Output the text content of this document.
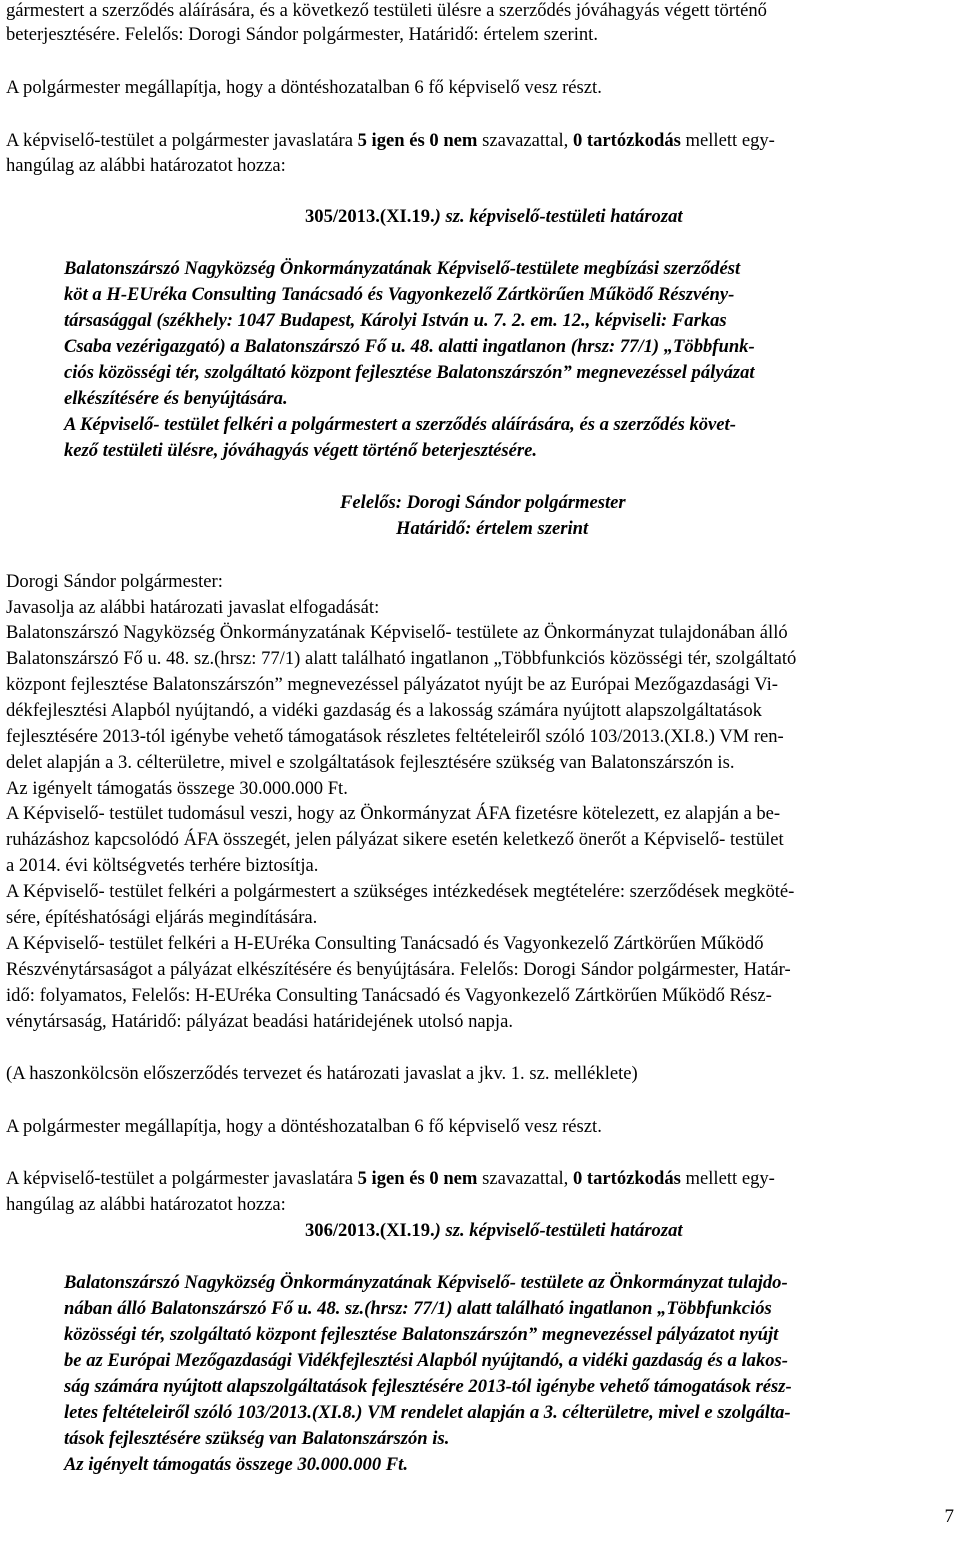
gármestert a szerződés aláírására, és a következő testületi ülésre a szerződés jóváhagyás végett történő
beterjesztésére. Felelős: Dorogi Sándor polgármester, Határidő: értelem szerint.
A polgármester megállapítja, hogy a döntéshozatalban 6 fő képviselő vesz részt.
A képviselő-testület a polgármester javaslatára 5 igen és 0 nem szavazattal, 0 tartózkodás mellett egy-
hangúlag az alábbi határozatot hozza:
305/2013.(XI.19.) sz. képviselő-testületi határozat
Balatonszárszó Nagyközség Önkormányzatának Képviselő-testülete megbízási szerződést
köt a H-EUréka Consulting Tanácsadó és Vagyonkezelő Zártkörűen Működő Részvény-
társasággal (székhely: 1047 Budapest, Károlyi István u. 7. 2. em. 12., képviseli: Farkas
Csaba vezérigazgató) a Balatonszárszó Fő u. 48. alatti ingatlanon (hrsz: 77/1) „Többfunk-
ciós közösségi tér, szolgáltató központ fejlesztése Balatonszárszón” megnevezéssel pályázat
elkészítésére és benyújtására.
A Képviselő- testület felkéri a polgármestert a szerződés aláírására, és a szerződés követ-
kező testületi ülésre, jóváhagyás végett történő beterjesztésére.
Felelős: Dorogi Sándor polgármester
Határidő: értelem szerint
Dorogi Sándor polgármester:
Javasolja az alábbi határozati javaslat elfogadását:
Balatonszárszó Nagyközség Önkormányzatának Képviselő- testülete az Önkormányzat tulajdonában álló
Balatonszárszó Fő u. 48. sz.(hrsz: 77/1) alatt található ingatlanon „Többfunkciós közösségi tér, szolgáltató
központ fejlesztése Balatonszárszón” megnevezéssel pályázatot nyújt be az Európai Mezőgazdasági Vi-
dékfejlesztési Alapból nyújtandó, a vidéki gazdaság és a lakosság számára nyújtott alapszolgáltatások
fejlesztésére 2013-tól igénybe vehető támogatások részletes feltételeiről szóló 103/2013.(XI.8.) VM ren-
delet alapján a 3. célterületre, mivel e szolgáltatások fejlesztésére szükség van Balatonszárszón is.
Az igényelt támogatás összege 30.000.000 Ft.
A Képviselő- testület tudomásul veszi, hogy az Önkormányzat ÁFA fizetésre kötelezett, ez alapján a be-
ruházáshoz kapcsolódó ÁFA összegét, jelen pályázat sikere esetén keletkező önerőt a Képviselő- testület
a 2014. évi költségvetés terhére biztosítja.
A Képviselő- testület felkéri a polgármestert a szükséges intézkedések megtételére: szerződések megköté-
sére, építéshatósági eljárás megindítására.
A Képviselő- testület felkéri a H-EUréka Consulting Tanácsadó és Vagyonkezelő Zártkörűen Működő
Részvénytársaságot a pályázat elkészítésére és benyújtására. Felelős: Dorogi Sándor polgármester, Határ-
idő: folyamatos, Felelős: H-EUréka Consulting Tanácsadó és Vagyonkezelő Zártkörűen Működő Rész-
vénytársaság, Határidő: pályázat beadási határidejének utolsó napja.
(A haszonkölcsön előszerződés tervezet és határozati javaslat a jkv. 1. sz. melléklete)
A polgármester megállapítja, hogy a döntéshozatalban 6 fő képviselő vesz részt.
A képviselő-testület a polgármester javaslatára 5 igen és 0 nem szavazattal, 0 tartózkodás mellett egy-
hangúlag az alábbi határozatot hozza:
306/2013.(XI.19.) sz. képviselő-testületi határozat
Balatonszárszó Nagyközség Önkormányzatának Képviselő- testülete az Önkormányzat tulajdo-
nában álló Balatonszárszó Fő u. 48. sz.(hrsz: 77/1) alatt található ingatlanon „Többfunkciós
közösségi tér, szolgáltató központ fejlesztése Balatonszárszón” megnevezéssel pályázatot nyújt
be az Európai Mezőgazdasági Vidékfejlesztési Alapból nyújtandó, a vidéki gazdaság és a lakos-
ság számára nyújtott alapszolgáltatások fejlesztésére 2013-tól igénybe vehető támogatások rész-
letes feltételeiről szóló 103/2013.(XI.8.) VM rendelet alapján a 3. célterületre, mivel e szolgálta-
tások fejlesztésére szükség van Balatonszárszón is.
Az igényelt támogatás összege 30.000.000 Ft.
7
